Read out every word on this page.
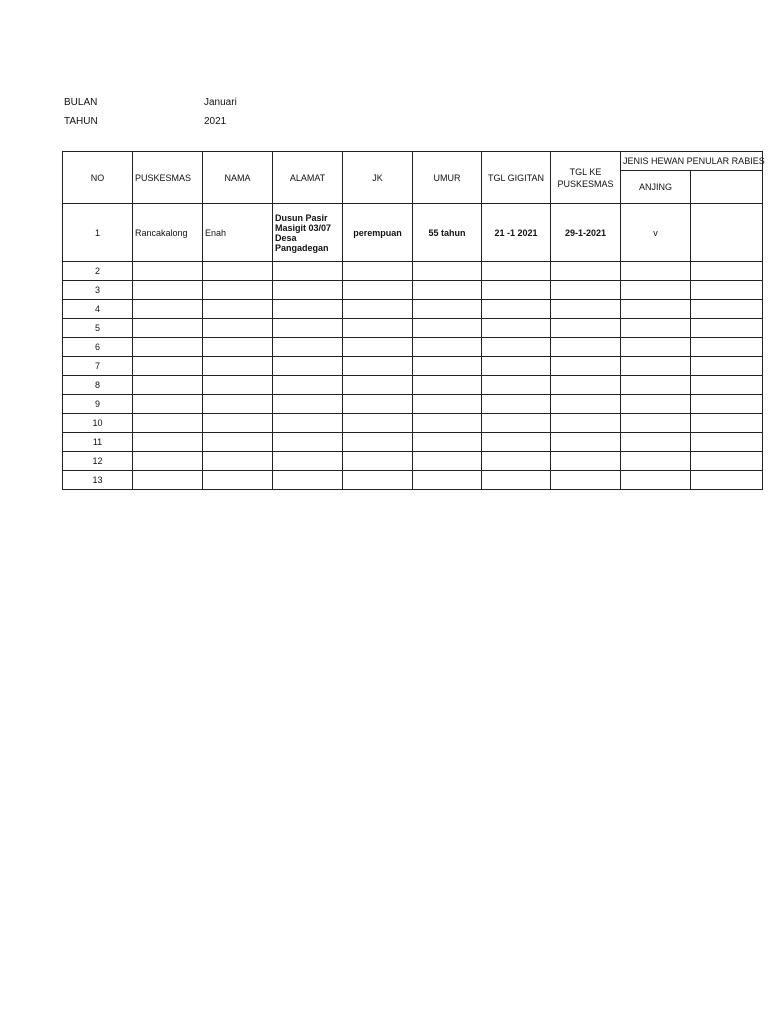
BULAN	Januari
TAHUN	2021
NO	PUSKESMAS	NAMA	ALAMAT	JK	UMUR	TGL GIGITAN	TGL KE PUSKESMAS	JENIS HEWAN PENULAR RABIES	
								ANJING	
1	Rancakalong	Enah	Dusun Pasir Masigit 03/07 Desa Pangadegan	perempuan	55 tahun	21 -1 2021	29-1-2021	v	
2									
3									
4									
5									
6									
7									
8									
9									
10									
11									
12									
13									
